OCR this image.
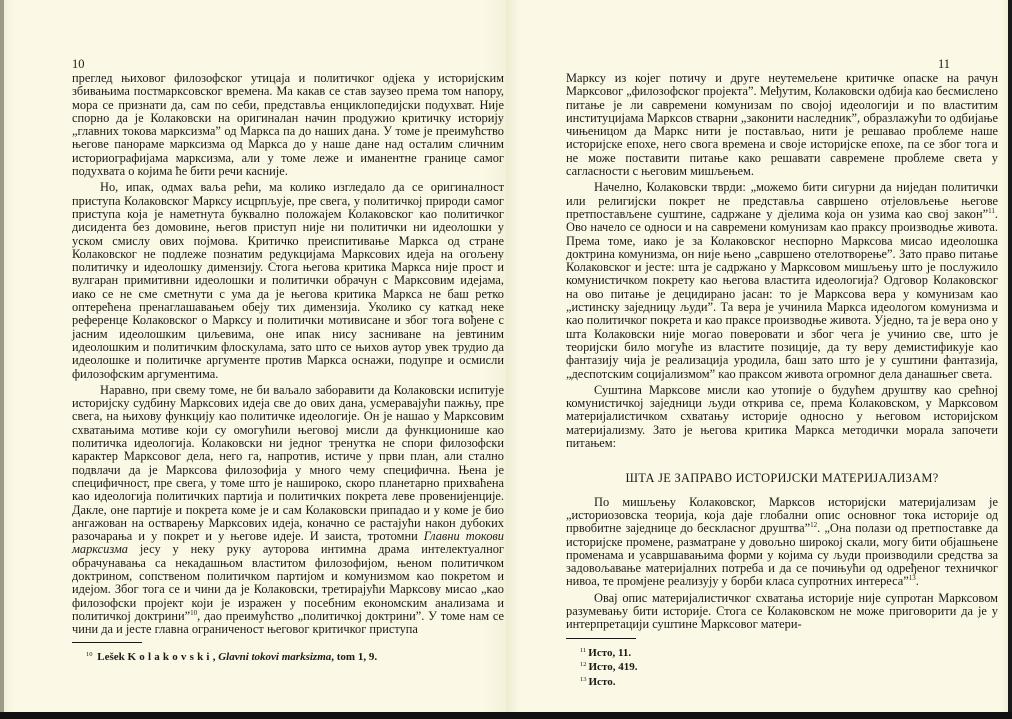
10

преглед њиховог филозофског утицаја и политичког одјека у историјским збивањима постмарксовског времена. Ма какав се став заузео према том напору, мора се признати да, сам по себи, представља енциклопедијски подухват. Није спорно да је Колаковски на оригиналан начин продужио критичку историју „главних токова марксизма” од Маркса па до наших дана. У томе је преимућство његове панораме марксизма од Маркса до у наше дане над осталим сличним историографијама марксизма, али у томе леже и иманентне границе самог подухвата о којима ће бити речи касније.

Но, ипак, одмах ваља рећи, ма колико изгледало да се оригиналност приступа Колаковског Марксу исцрпљује, пре свега, у политичкој природи самог приступа која је наметнута буквално положајем Колаковског као политичког дисидента без домовине, његов приступ није ни политички ни идеолошки у уском смислу ових појмова. Критичко преиспитивање Маркса од стране Колаковског не подлеже познатим редукцијама Марксових идеја на огољену политичку и идеолошку димензију. Стога његова критика Маркса није прост и вулгаран примитивни идеолошки и политички обрачун с Марксовим идејама, иако се не сме сметнути с ума да је његова критика Маркса не баш ретко оптерећена пренаглашавањем обеју тих димензија. Уколико су каткад неке референце Колаковског о Марксу и политички мотивисане и због тога вођене с јасним идеолошким циљевима, оне ипак нису засниване на јевтиним идеолошким и политичким флоскулама, зато што се њихов аутор увек трудио да идеолошке и политичке аргументе против Маркса оснажи, подупре и осмисли филозофским аргументима.

Наравно, при свему томе, не би ваљало заборавити да Колаковски испитује историјску судбину Марксових идеја све до ових дана, усмеравајући пажњу, пре свега, на њихову функцију као политичке идеологије. Он је нашао у Марксовим схватањима мотиве који су омогућили његовој мисли да функционише као политичка идеологија. Колаковски ни једног тренутка не спори филозофски карактер Марксовог дела, него га, напротив, истиче у први план, али стално подвлачи да је Марксова филозофија у много чему специфична. Њена је специфичност, пре свега, у томе што је нашироко, скоро планетарно прихваћена као идеологија политичких партија и политичких покрета леве провенијенције. Дакле, оне партије и покрета коме је и сам Колаковски припадао и у коме је био ангажован на остварењу Марксових идеја, коначно се растајући након дубоких разочарања и у покрет и у његове идеје. И заиста, тротомни Главни токови марксизма јесу у неку руку ауторова интимна драма интелектуалног обрачунавања са некадашњом властитом филозофијом, њеном политичком доктрином, сопственом политичком партијом и комунизмом као покретом и идејом. Због тога се и чини да је Колаковски, третирајући Марксову мисао „као филозофски пројект који је изражен у посебним економским анализама и политичкој доктрини”$^{10}$, дао преимућство „политичкој доктрини”. У томе нам се чини да и јесте главна ограниченост његовог критичког приступа

$^{10}$ Lešek Kolakovski, Glavni tokovi marksizma, tom 1, 9.
11

Марксу из којег потичу и друге неутемељене критичке опаске на рачун Марксовог „филозофског пројекта”. Међутим, Колаковски одбија као бесмислено питање је ли савремени комунизам по својој идеологији и по властитим институцијама Марксов стварни „законити наследник”, образлажући то одбијање чињеницом да Маркс нити је постављао, нити је решавао проблеме наше историјске епохе, него свога времена и своје историјске епохе, па се због тога и не може поставити питање како решавати савремене проблеме света у сагласности с његовим мишљењем.

Начелно, Колаковски тврди: „можемо бити сигурни да ниједан политички или религијски покрет не представља савршено отјеловљење његове претпостављене суштине, садржане у дјелима која он узима као свој закон”$^{11}$. Ово начело се односи и на савремени комунизам као праксу производње живота. Према томе, иако је за Колаковског неспорно Марксова мисао идеолошка доктрина комунизма, он није њено „савршено отелотворење”. Зато право питање Колаковског и јесте: шта је садржано у Марксовом мишљењу што је послужило комунистичком покрету као његова властита идеологија? Одговор Колаковског на ово питање је децидирано јасан: то је Марксова вера у комунизам као „истинску заједницу људи”. Та вера је учинила Маркса идеологом комунизма и као политичког покрета и као праксе производње живота. Уједно, та је вера оно у шта Колаковски није могао поверовати и због чега је учинио све, што је теоријски било могуће из властите позиције, да ту веру демистификује као фантазију чија је реализација уродила, баш зато што је у суштини фантазија, „деспотским социјализмом” као праксом живота огромног дела данашњег света.

Суштина Марксове мисли као утопије о будућем друштву као срећној комунистичкој заједници људи открива се, према Колаковском, у Марксовом материјалистичком схватању историје односно у његовом историјском материјализму. Зато је његова критика Маркса методички морала започети питањем:

ШТА ЈЕ ЗАПРАВО ИСТОРИЈСКИ МАТЕРИЈАЛИЗАМ?

По мишљењу Колаковског, Марксов историјски материјализам је „историозовска теорија, која даје глобални опис основног тока историје од првобитне заједнице до бескласног друштва”$^{12}$. „Она полази од претпоставке да историјске промене, разматране у довољно широкој скали, могу бити објашњене променама и усавршавањима форми у којима су људи производили средства за задовољавање материјалних потреба и да се почињући од одређеног техничког нивоа, те промјене реализују у борби класа супротних интереса”$^{13}$.

Овај опис материјалистичког схватања историје није супротан Марксовом разумевању бити историје. Стога се Колаковском не може приговорити да је у интерпретацији суштине Марксовог матери-

$^{11}$ Исто, 11.
$^{12}$ Исто, 419.
$^{13}$ Исто.
